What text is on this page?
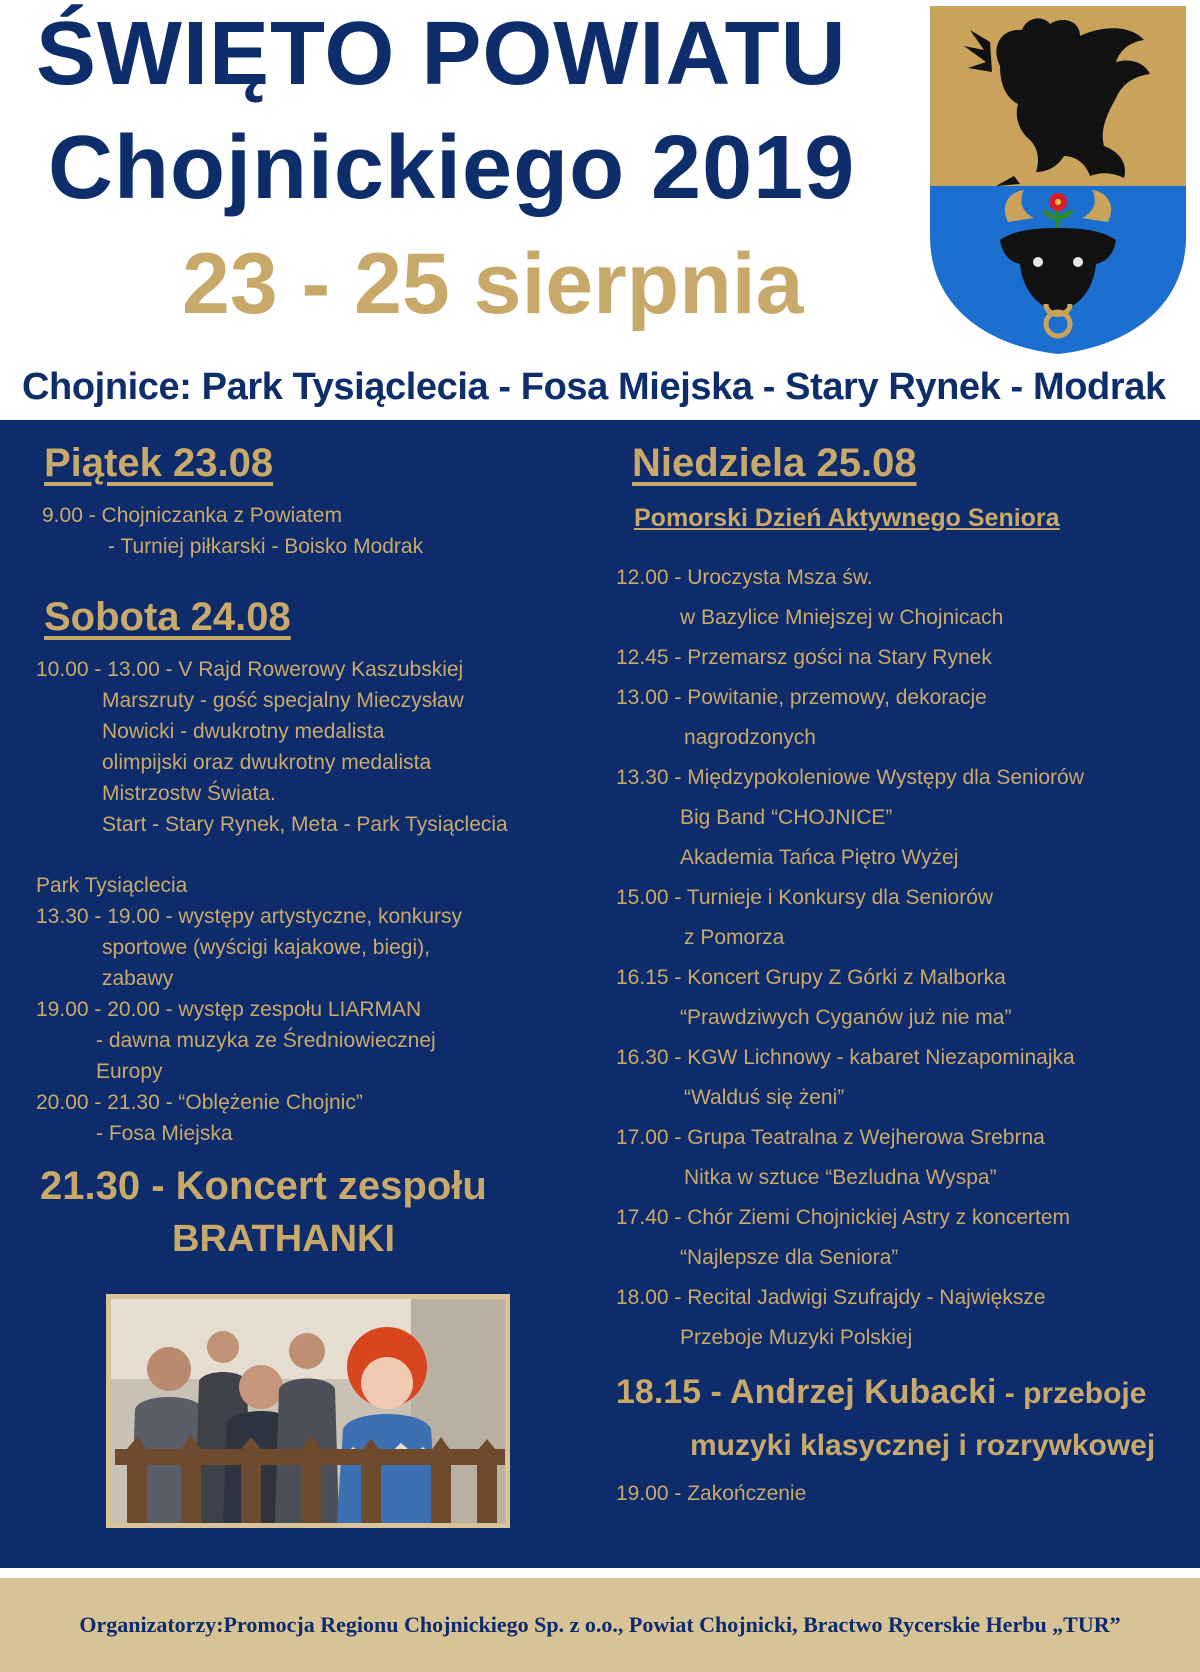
ŚWIĘTO POWIATU
Chojnickiego 2019
23 - 25 sierpnia
Chojnice: Park Tysiąclecia - Fosa Miejska - Stary Rynek - Modrak
Piątek 23.08

9.00 - Chojniczanka z Powiatem
- Turniej piłkarski - Boisko Modrak

Sobota 24.08

10.00 - 13.00 - V Rajd Rowerowy Kaszubskiej
Marszruty - gość specjalny Mieczysław
Nowicki - dwukrotny medalista
olimpijski oraz dwukrotny medalista
Mistrzostw Świata.
Start - Stary Rynek, Meta - Park Tysiąclecia

Park Tysiąclecia

13.30 - 19.00 - występy artystyczne, konkursy
sportowe (wyścigi kajakowe, biegi),
zabawy

19.00 - 20.00 - występ zespołu LIARMAN
- dawna muzyka ze Średniowiecznej
Europy

20.00 - 21.30 - “Oblężenie Chojnic”
- Fosa Miejska

21.30 - Koncert zespołu
BRATHANKI
Niedziela 25.08
Pomorski Dzień Aktywnego Seniora

12.00 - Uroczysta Msza św.
w Bazylice Mniejszej w Chojnicach

12.45 - Przemarsz gości na Stary Rynek

13.00 - Powitanie, przemowy, dekoracje
nagrodzonych

13.30 - Międzypokoleniowe Występy dla Seniorów
Big Band “CHOJNICE”
Akademia Tańca Piętro Wyżej

15.00 - Turnieje i Konkursy dla Seniorów
z Pomorza

16.15 - Koncert Grupy Z Górki z Malborka
“Prawdziwych Cyganów już nie ma”

16.30 - KGW Lichnowy - kabaret Niezapominajka
“Walduś się żeni”

17.00 - Grupa Teatralna z Wejherowa Srebrna
Nitka w sztuce “Bezludna Wyspa”

17.40 - Chór Ziemi Chojnickiej Astry z koncertem
“Najlepsze dla Seniora”

18.00 - Recital Jadwigi Szufrajdy - Największe
Przeboje Muzyki Polskiej

18.15 - Andrzej Kubacki - przeboje
muzyki klasycznej i rozrywkowej
19.00 - Zakończenie
Organizatorzy:Promocja Regionu Chojnickiego Sp. z o.o., Powiat Chojnicki, Bractwo Rycerskie Herbu „TUR”
